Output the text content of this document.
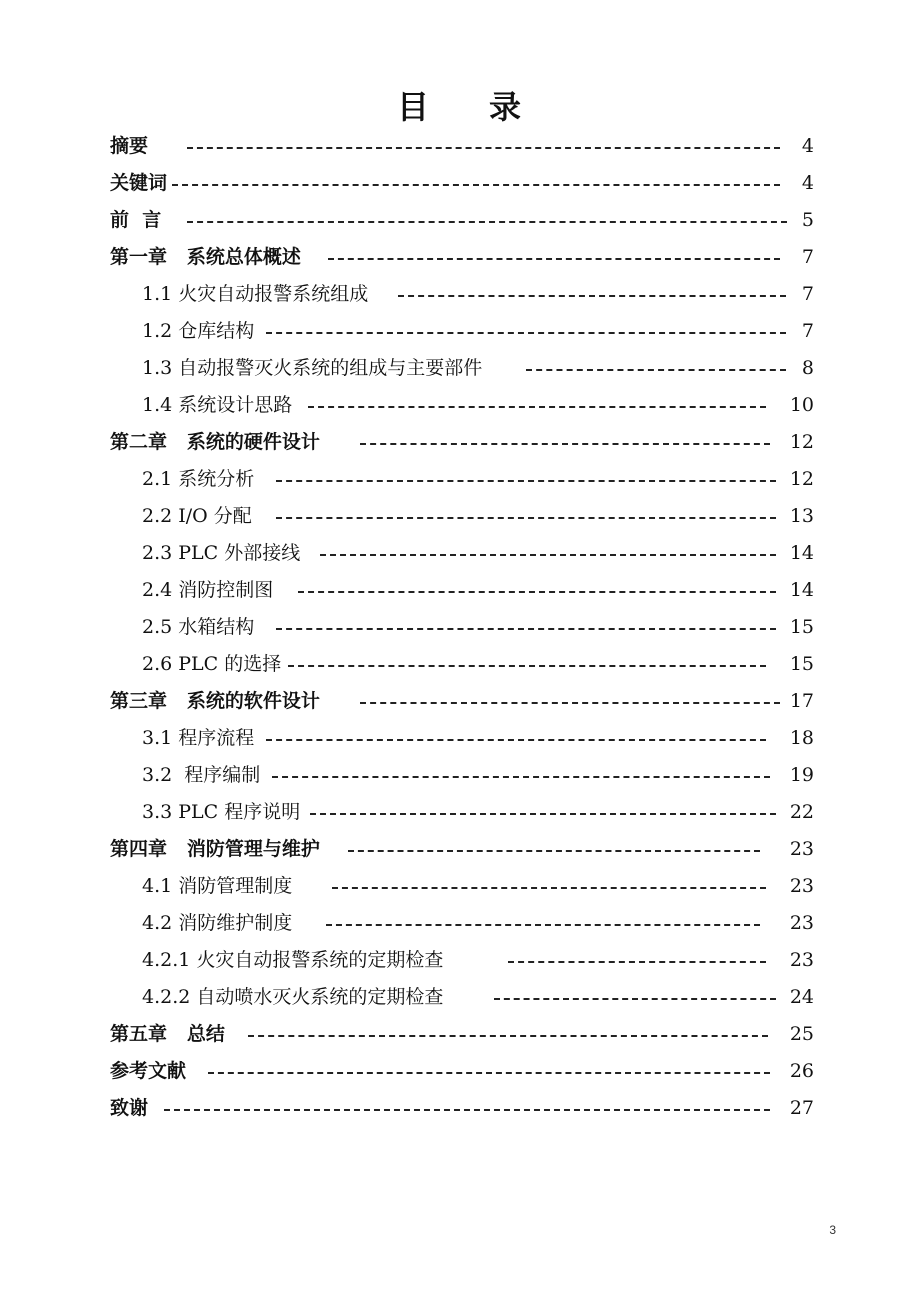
目 录
摘要	4
关键词	4
前  言	5
第一章   系统总体概述	7
1.1 火灾自动报警系统组成	7
1.2 仓库结构	7
1.3 自动报警灭火系统的组成与主要部件	8
1.4 系统设计思路	10
第二章   系统的硬件设计	12
2.1 系统分析	12
2.2 I/O 分配	13
2.3 PLC 外部接线	14
2.4 消防控制图	14
2.5 水箱结构	15
2.6 PLC 的选择	15
第三章   系统的软件设计	17
3.1 程序流程	18
3.2  程序编制	19
3.3 PLC 程序说明	22
第四章   消防管理与维护	23
4.1 消防管理制度	23
4.2 消防维护制度	23
4.2.1 火灾自动报警系统的定期检查	23
4.2.2 自动喷水灭火系统的定期检查	24
第五章   总结	25
参考文献	26
致谢	27
3
